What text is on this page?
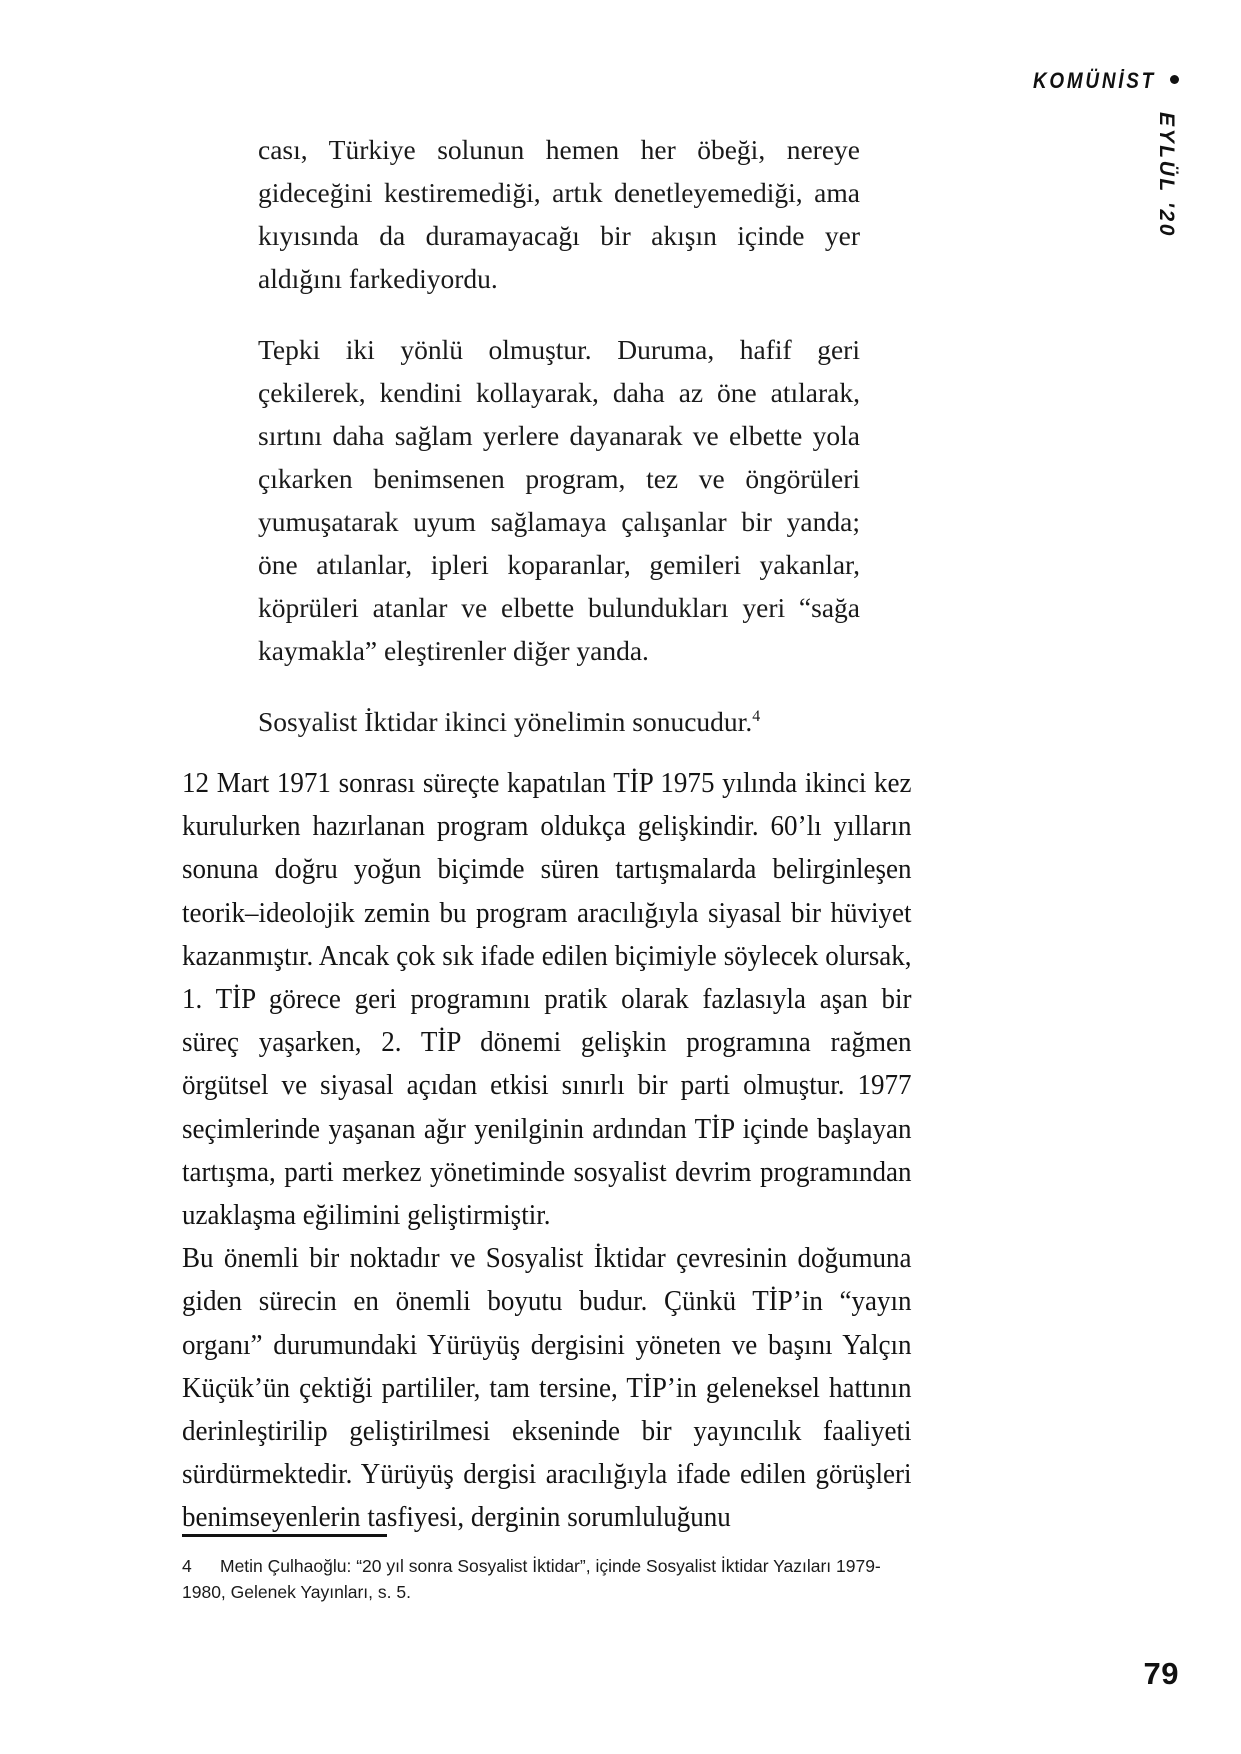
KOMÜNİST
EYLÜL '20

cası, Türkiye solunun hemen her öbeği, nereye gideceğini kestiremediği, artık denetleyemediği, ama kıyısında da duramayacağı bir akışın içinde yer aldığını farkediyordu.

Tepki iki yönlü olmuştur. Duruma, hafif geri çekilerek, kendini kollayarak, daha az öne atılarak, sırtını daha sağlam yerlere dayanarak ve elbette yola çıkarken benimsenen program, tez ve öngörüleri yumuşatarak uyum sağlamaya çalışanlar bir yanda; öne atılanlar, ipleri koparanlar, gemileri yakanlar, köprüleri atanlar ve elbette bulundukları yeri “sağa kaymakla” eleştirenler diğer yanda.

Sosyalist İktidar ikinci yönelimin sonucudur.$^4$

12 Mart 1971 sonrası süreçte kapatılan TİP 1975 yılında ikinci kez kurulurken hazırlanan program oldukça gelişkindir. 60’lı yılların sonuna doğru yoğun biçimde süren tartışmalarda belirginleşen teorik–ideolojik zemin bu program aracılığıyla siyasal bir hüviyet kazanmıştır. Ancak çok sık ifade edilen biçimiyle söylecek olursak, 1. TİP görece geri programını pratik olarak fazlasıyla aşan bir süreç yaşarken, 2. TİP dönemi gelişkin programına rağmen örgütsel ve siyasal açıdan etkisi sınırlı bir parti olmuştur. 1977 seçimlerinde yaşanan ağır yenilginin ardından TİP içinde başlayan tartışma, parti merkez yönetiminde sosyalist devrim programından uzaklaşma eğilimini geliştirmiştir.

Bu önemli bir noktadır ve Sosyalist İktidar çevresinin doğumuna giden sürecin en önemli boyutu budur. Çünkü TİP’in “yayın organı” durumundaki Yürüyüş dergisini yöneten ve başını Yalçın Küçük’ün çektiği partililer, tam tersine, TİP’in geleneksel hattının derinleştirilip geliştirilmesi ekseninde bir yayıncılık faaliyeti sürdürmektedir. Yürüyüş dergisi aracılığıyla ifade edilen görüşleri benimseyenlerin tasfiyesi, derginin sorumluluğunu

4 Metin Çulhaoğlu: “20 yıl sonra Sosyalist İktidar”, içinde Sosyalist İktidar Yazıları 1979-
1980, Gelenek Yayınları, s. 5.
79
